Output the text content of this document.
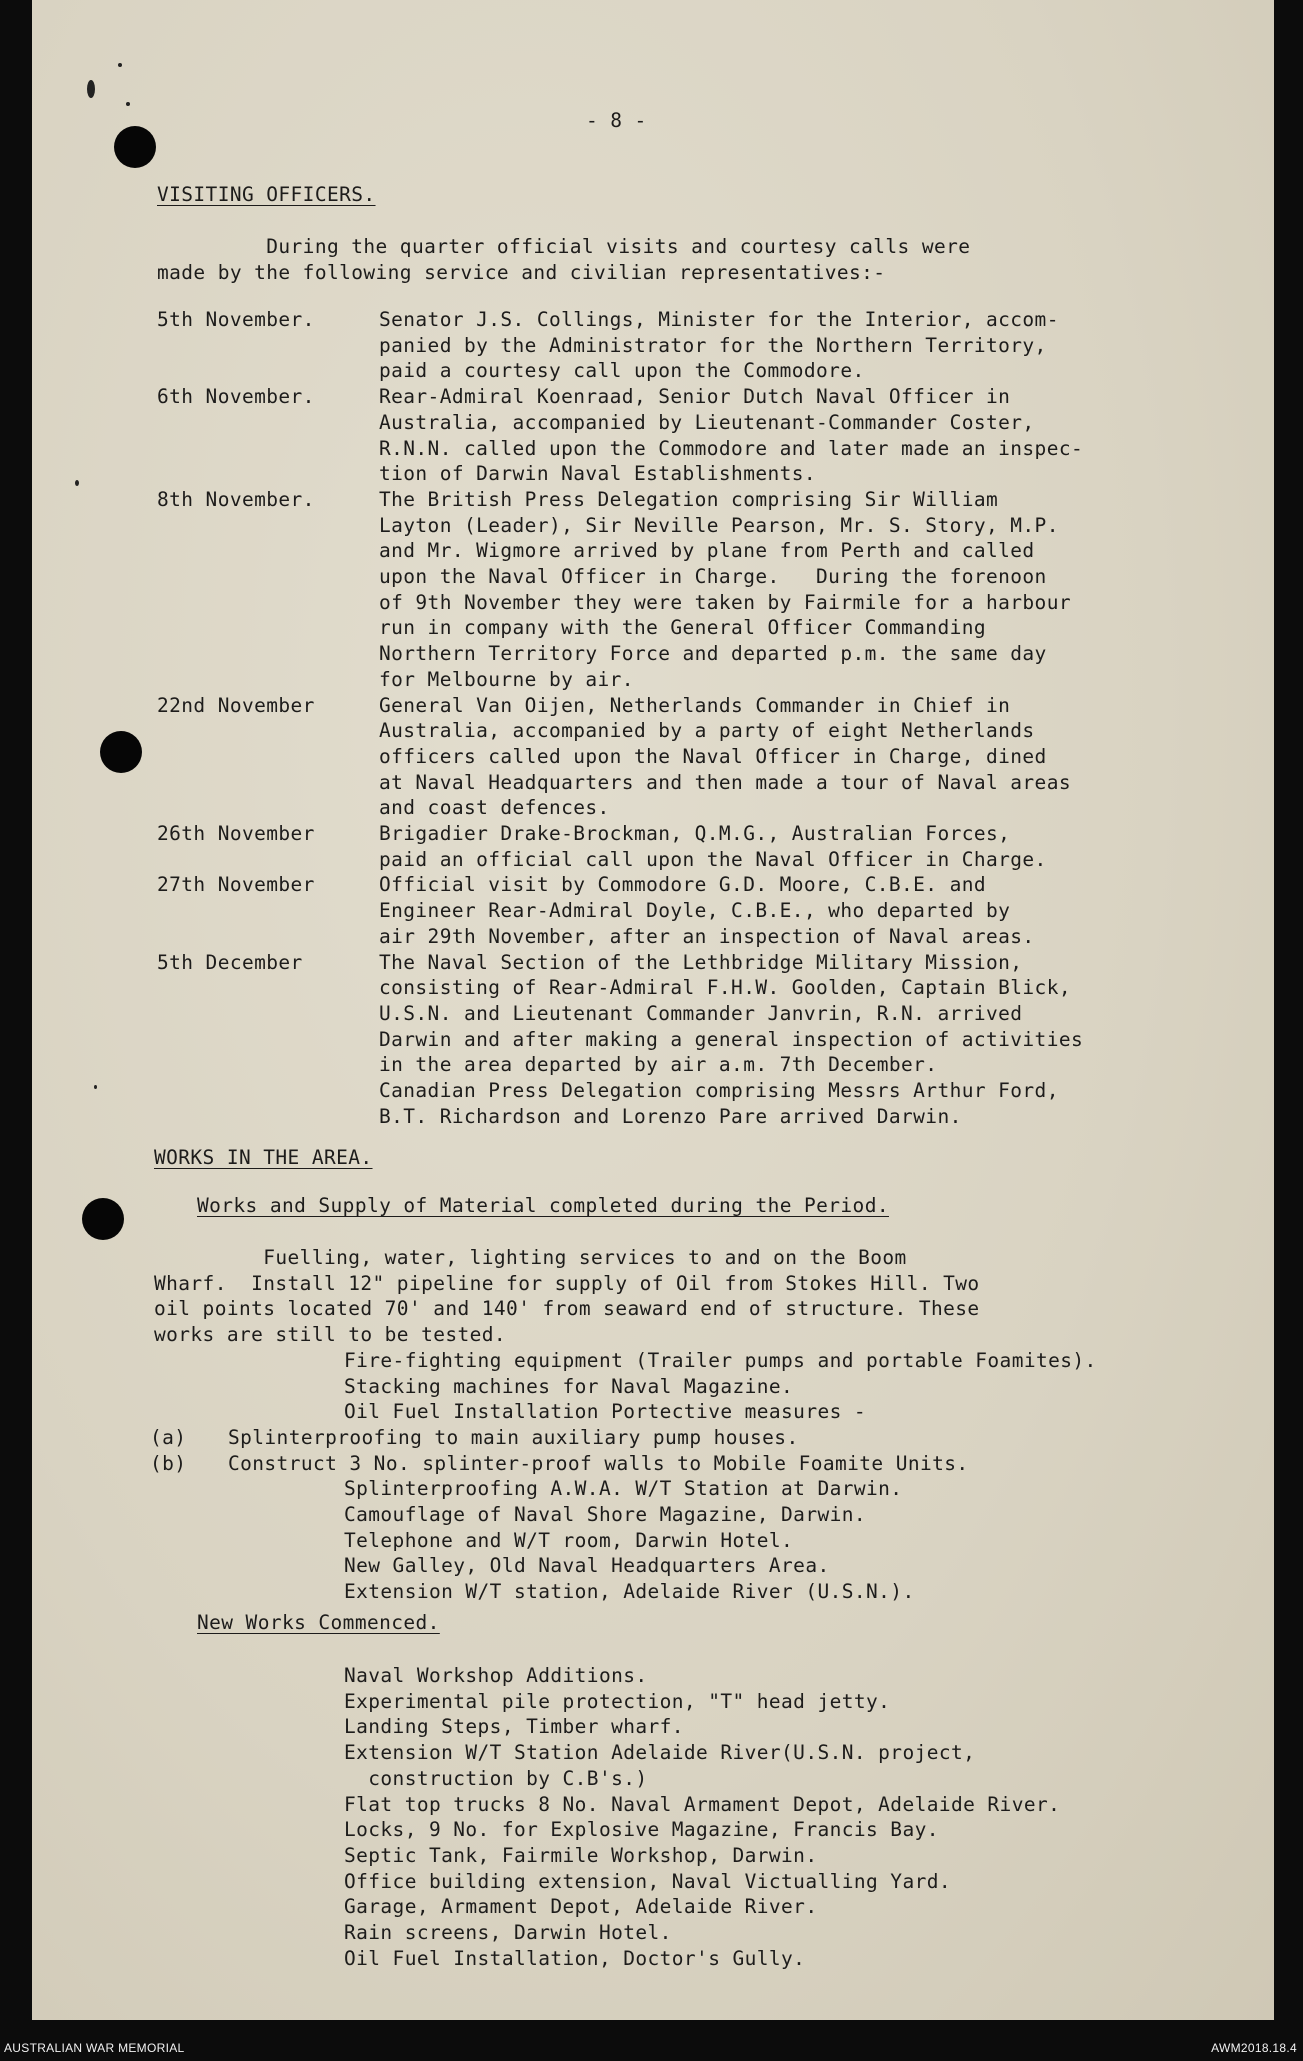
- 8 -
VISITING OFFICERS.
During the quarter official visits and courtesy calls were
made by the following service and civilian representatives:-
5th November.	Senator J.S. Collings, Minister for the Interior, accom-
panied by the Administrator for the Northern Territory,
paid a courtesy call upon the Commodore.
6th November.	Rear-Admiral Koenraad, Senior Dutch Naval Officer in
Australia, accompanied by Lieutenant-Commander Coster,
R.N.N. called upon the Commodore and later made an inspec-
tion of Darwin Naval Establishments.
8th November.	The British Press Delegation comprising Sir William
Layton (Leader), Sir Neville Pearson, Mr. S. Story, M.P.
and Mr. Wigmore arrived by plane from Perth and called
upon the Naval Officer in Charge.   During the forenoon
of 9th November they were taken by Fairmile for a harbour
run in company with the General Officer Commanding
Northern Territory Force and departed p.m. the same day
for Melbourne by air.
22nd November	General Van Oijen, Netherlands Commander in Chief in
Australia, accompanied by a party of eight Netherlands
officers called upon the Naval Officer in Charge, dined
at Naval Headquarters and then made a tour of Naval areas
and coast defences.
26th November	Brigadier Drake-Brockman, Q.M.G., Australian Forces,
paid an official call upon the Naval Officer in Charge.
27th November	Official visit by Commodore G.D. Moore, C.B.E. and
Engineer Rear-Admiral Doyle, C.B.E., who departed by
air 29th November, after an inspection of Naval areas.
5th December	The Naval Section of the Lethbridge Military Mission,
consisting of Rear-Admiral F.H.W. Goolden, Captain Blick,
U.S.N. and Lieutenant Commander Janvrin, R.N. arrived
Darwin and after making a general inspection of activities
in the area departed by air a.m. 7th December.
Canadian Press Delegation comprising Messrs Arthur Ford,
B.T. Richardson and Lorenzo Pare arrived Darwin.
WORKS IN THE AREA.
Works and Supply of Material completed during the Period.
Fuelling, water, lighting services to and on the Boom
Wharf.  Install 12" pipeline for supply of Oil from Stokes Hill. Two
oil points located 70' and 140' from seaward end of structure. These
works are still to be tested.
Fire-fighting equipment (Trailer pumps and portable Foamites).
Stacking machines for Naval Magazine.
Oil Fuel Installation Portective measures -
(a) Splinterproofing to main auxiliary pump houses.
(b) Construct 3 No. splinter-proof walls to Mobile Foamite Units.
Splinterproofing A.W.A. W/T Station at Darwin.
Camouflage of Naval Shore Magazine, Darwin.
Telephone and W/T room, Darwin Hotel.
New Galley, Old Naval Headquarters Area.
Extension W/T station, Adelaide River (U.S.N.).
New Works Commenced.
Naval Workshop Additions.
Experimental pile protection, "T" head jetty.
Landing Steps, Timber wharf.
Extension W/T Station Adelaide River(U.S.N. project,
construction by C.B's.)
Flat top trucks 8 No. Naval Armament Depot, Adelaide River.
Locks, 9 No. for Explosive Magazine, Francis Bay.
Septic Tank, Fairmile Workshop, Darwin.
Office building extension, Naval Victualling Yard.
Garage, Armament Depot, Adelaide River.
Rain screens, Darwin Hotel.
Oil Fuel Installation, Doctor's Gully.
AUSTRALIAN WAR MEMORIAL	AWM2018.18.4
